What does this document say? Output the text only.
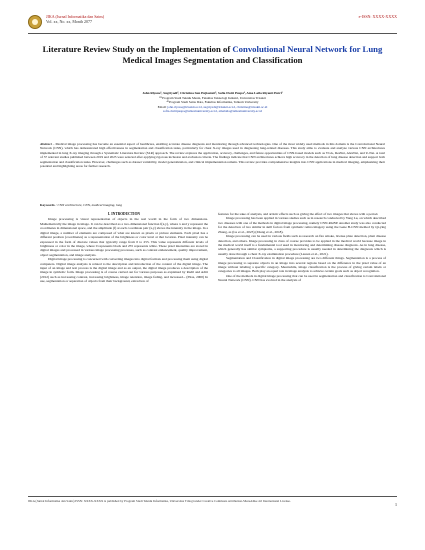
JIKA (Jurnal Informatika dan Sains)
Vol. xx, No. xx, Month 2077
e-ISSN: XXXX-XXXX
Literature Review Study on the Implementation of Convolutional Neural Network for Lung Medical Images Segmentation and Classification
John Rlyone¹, Sugriyadi², Christina Sun Pujiastuti³, Sofia Dwiti Puspa⁴, Ama Laila Riyanti Putri⁵

¹²³Program Studi Teknik Mesin, Fakultas Teknologi Industri, Universitas Trisakti

⁴⁵Program Studi Sains Data, Fakultas Informatika, Telkom University

Email: john.rlyone@trisakti.ac.id, sugriyadi@trisakti.ac.id, christina@trisakti.ac.id

sofia.dwitipuspa@telkomuniversity.ac.id, amalaila@telkomuniversity.ac.id

Abstract – Medical image processing has become an essential aspect of healthcare, enabling accurate disease diagnosis and monitoring through advanced technologies. One of the most widely used methods in this domain is the Convolutional Neural Network (CNN), which has demonstrated high effectiveness in segmentation and classification tasks, particularly for chest X-ray images used in diagnosing lung-related diseases. This study aims to evaluate and analyze various CNN architectures implemented in lung X-ray imaging through a Systematic Literature Review (SLR) approach. The review explores the application, accuracy, challenges, and future opportunities of CNN-based models such as VGG, ResNet, AlexNet, and U-Net. A total of 37 relevant studies published between 2019 and 2023 were selected after applying rigorous inclusion and exclusion criteria. The findings indicate that CNN architectures achieve high accuracy in the detection of lung disease detection and support both segmentation and classification tasks. However, challenges such as dataset variability, model generalization, and clinical implementation remain. This review provides comprehensive insights into CNN applications in medical imaging, emphasizing their potential and highlighting areas for further research.
Keywords : CNN architecture, CNN, medical imaging, lung
I. INTRODUCTION

Image processing is visual representation of objects in the real world in the form of two dimensions. Mathematically the image in image. It can be described as a two-dimensional function f(x,y), where x and y represent the coordinates in dimensional space, and the amplitude (f) at each coordinate pair (x,y) shows the intensity in the image. In a digital image, a number of elements are composed of what are known as pixels or picture elements. Each pixel has a different position (coordinates) as a representation of the brightness or color level at that location. Pixel intensity can be expressed in the form of discrete values that typically range from 0 to 255. This value represents different levels of brightness or color in the image, where 0 represents black and 255 represents white. These pixel intensities are stored in digital images and processed in various image processing processes, such as contrast enhancement, quality improvement, object segmentation, and image analysis.

Digital image processing is concerned with converting images into digital formats and processing them using digital computers. Digital image analysis is related to the description and introduction of the content of the digital image. The input of an image and text process is the digital image and as an output, the digital image produces a description of the image in symbolic form. Image processing is of course carried out for various purposes as explained by Radil and Aditi (2012) such as increasing contrast, increasing brightness, image retention, image fading, and increased... (Pitas, 2000) In use, segmentation or separation of objects from their background, extraction of

features for the sake of analysis, and artistic effects such as giving the effect of two images that shows with a period.

Image processing has been applied in various studies such as in research conducted by Yang Lu, on which described two diseases with one of the methods in digital image processing, namely CNN-RGBP. Another study was also conducted for the detection of two similar in skill factors from synthetic retina imagery using the Gene B-CNN method by Qi-ying Zhang, as (Lu et al., 2023) (Zhang et al., 2018).

Image processing can be used in various fields such as research on fire smoke, license plate detection, plant disease detection, and others. Image processing in class of course provides to be applied in the medical world because image in the medical world itself is a fundamental tool used in monitoring and determining disease diagnosis. As in lung disease, which generally has similar symptoms, a supporting procedure is usually needed in determining the diagnosis which is usually done through a chest X-ray examination procedure (Lauren et al., 2021).

Segmentation and Classification in digital image processing are two different things. Segmentation is a process of image processing to separate objects in an image into several regions based on the difference in the pixel value of an image without labeling a specific category. Meanwhile, image classification is the process of giving certain labels or categories to all images. Both play an equal role in image analysis to achieve certain goals such as object recognition.

One of the methods in digital image processing that can be used in segmentation and classification is Convolutional Neural Network (CNN). CNN has evolved in the analysis of

JIKA (Jurnal Informatika dan Sains) ISSN: XXXX-XXXX is published by Program Studi Teknik Informatika, Universitas Trilogi under Creative Commons Attribution-ShareAlike 4.0 International License.
1
